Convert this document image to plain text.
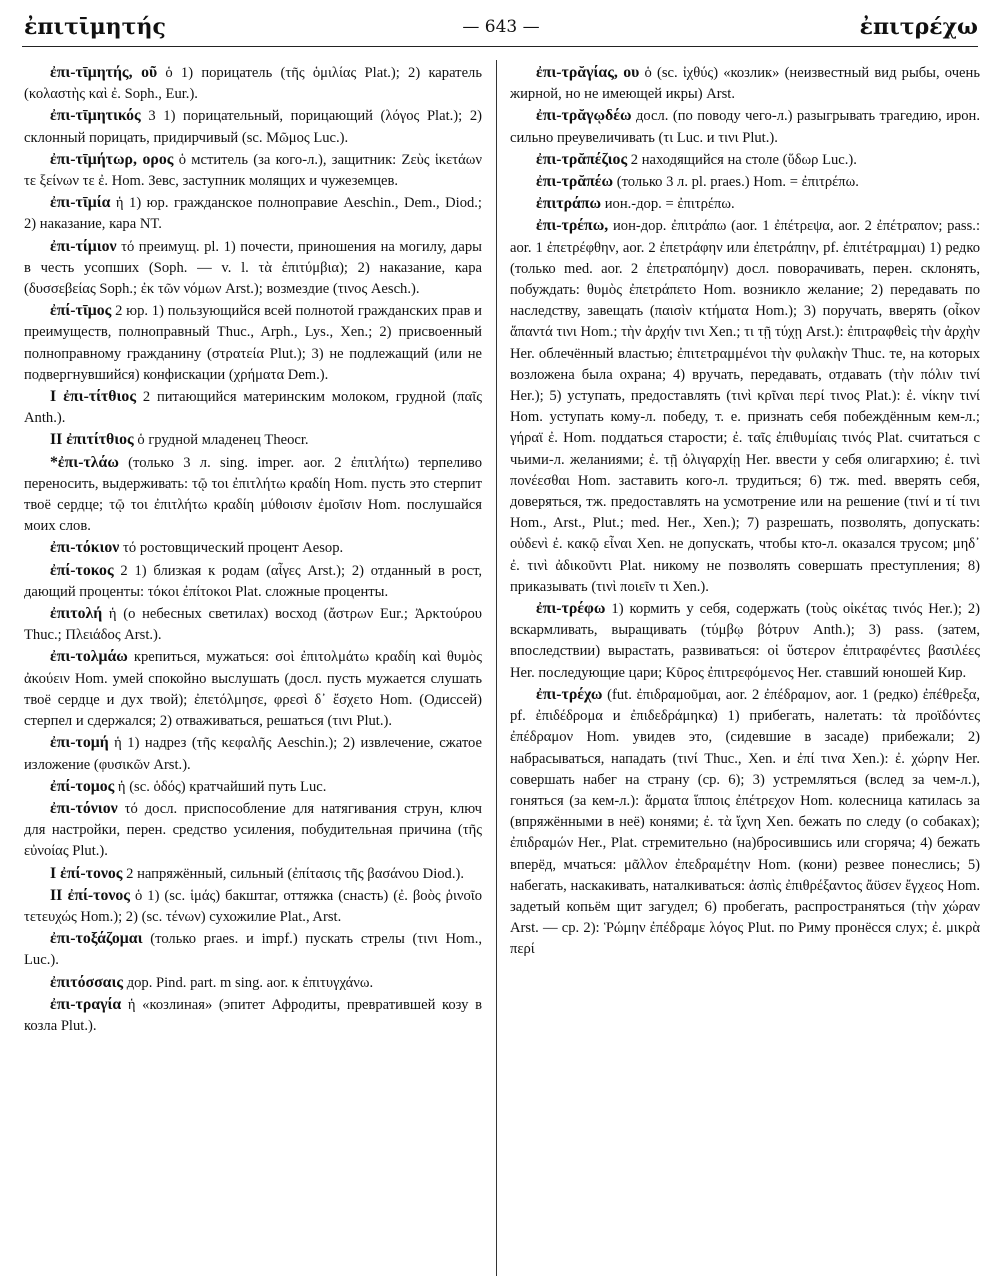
ἐπιτῑμητής	— 643 —	ἐπιτρέχω

ἐπι-τῑμητής, οῦ ὁ 1) порицатель (τῆς ὁμιλίας Plat.); 2) каратель (κολαστὴς καὶ ἐ. Soph., Eur.).

ἐπι-τῑμητικός 3 1) порицательный, порицающий (λόγος Plat.); 2) склонный порицать, придирчивый (sc. Μῶμος Luc.).

ἐπι-τῑμήτωρ, ορος ὁ мститель (за кого-л.), защитник: Ζεὺς ἱκετάων τε ξείνων τε ἐ. Hom. Зевс, заступник молящих и чужеземцев.

ἐπι-τῑμία ἡ 1) юр. гражданское полноправие Aeschin., Dem., Diod.; 2) наказание, кара NT.

ἐπι-τίμιον τό преимущ. pl. 1) почести, приношения на могилу, дары в честь усопших (Soph. — v. l. τὰ ἐπιτύμβια); 2) наказание, кара (δυσσεβείας Soph.; ἐκ τῶν νόμων Arst.); возмездие (τινος Aesch.).

ἐπί-τῑμος 2 юр. 1) пользующийся всей полнотой гражданских прав и преимуществ, полноправный Thuc., Arph., Lys., Xen.; 2) присвоенный полноправному гражданину (στρατεία Plut.); 3) не подлежащий (или не подвергнувшийся) конфискации (χρήματα Dem.).

I ἐπι-τίτθιος 2 питающийся материнским молоком, грудной (παῖς Anth.).

II ἐπιτίτθιος ὁ грудной младенец Theocr.

*ἐπι-τλάω (только 3 л. sing. imper. aor. 2 ἐπιτλήτω) терпеливо переносить, выдерживать: τῷ τοι ἐπιτλήτω κραδίη Hom. пусть это стерпит твоё сердце; τῷ τοι ἐπιτλήτω κραδίη μύθοισιν ἐμοῖσιν Hom. послушайся моих слов.

ἐπι-τόκιον τό ростовщический процент Aesop.

ἐπί-τοκος 2 1) близкая к родам (αἶγες Arst.); 2) отданный в рост, дающий проценты: τόκοι ἐπίτοκοι Plat. сложные проценты.

ἐπιτολή ἡ (о небесных светилах) восход (ἄστρων Eur.; Ἀρκτούρου Thuc.; Πλειάδος Arst.).

ἐπι-τολμάω крепиться, мужаться: σοὶ ἐπιτολμάτω κραδίη καὶ θυμὸς ἀκούειν Hom. умей спокойно выслушать (досл. пусть мужается слушать твоё сердце и дух твой); ἐπετόλμησε, φρεσὶ δ᾽ ἔσχετο Hom. (Одиссей) стерпел и сдержался; 2) отваживаться, решаться (τινι Plut.).

ἐπι-τομή ἡ 1) надрез (τῆς κεφαλῆς Aeschin.); 2) извлечение, сжатое изложение (φυσικῶν Arst.).

ἐπί-τομος ἡ (sc. ὁδός) кратчайший путь Luc.

ἐπι-τόνιον τό досл. приспособление для натягивания струн, ключ для настройки, перен. средство усиления, побудительная причина (τῆς εὐνοίας Plut.).

I ἐπί-τονος 2 напряжённый, сильный (ἐπίτασις τῆς βασάνου Diod.).

II ἐπί-τονος ὁ 1) (sc. ἱμάς) бакштаг, оттяжка (снасть) (ἐ. βοὸς ῥινοῖο τετευχώς Hom.); 2) (sc. τένων) сухожилие Plat., Arst.

ἐπι-τοξάζομαι (только praes. и impf.) пускать стрелы (τινι Hom., Luc.).

ἐπιτόσσαις дор. Pind. part. m sing. aor. к ἐπιτυγχάνω.

ἐπι-τραγία ἡ «козлиная» (эпитет Афродиты, превратившей козу в козла Plut.).

ἐπι-τρᾰγίας, ου ὁ (sc. ἰχθύς) «козлик» (неизвестный вид рыбы, очень жирной, но не имеющей икры) Arst.

ἐπι-τρᾰγῳδέω досл. (по поводу чего-л.) разыгрывать трагедию, ирон. сильно преувеличивать (τι Luc. и τινι Plut.).

ἐπι-τρᾰπέζιος 2 находящийся на столе (ὕδωρ Luc.).

ἐπι-τρᾰπέω (только 3 л. pl. praes.) Hom. = ἐπιτρέπω.

ἐπιτράπω ион.-дор. = ἐπιτρέπω.

ἐπι-τρέπω, ион-дор. ἐπιτράπω (aor. 1 ἐπέτρεψα, aor. 2 ἐπέτραπον; pass.: aor. 1 ἐπετρέφθην, aor. 2 ἐπετράφην или ἐπετράπην, pf. ἐπιτέτραμμαι) 1) редко (только med. aor. 2 ἐπετραπόμην) досл. поворачивать, перен. склонять, побуждать: θυμὸς ἐπετράπετο Hom. возникло желание; 2) передавать по наследству, завещать (παισὶν κτήματα Hom.); 3) поручать, вверять (οἶκον ἅπαντά τινι Hom.; τὴν ἀρχήν τινι Xen.; τι τῇ τύχῃ Arst.): ἐπιτραφθεὶς τὴν ἀρχὴν Her. облечённый властью; ἐπιτετραμμένοι τὴν φυλακὴν Thuc. те, на которых возложена была охрана; 4) вручать, передавать, отдавать (τὴν πόλιν τινί Her.); 5) уступать, предоставлять (τινὶ κρῖναι περί τινος Plat.): ἐ. νίκην τινί Hom. уступать кому-л. победу, т. е. признать себя побеждённым кем-л.; γήραϊ ἐ. Hom. поддаться старости; ἐ. ταῖς ἐπιθυμίαις τινός Plat. считаться с чьими-л. желаниями; ἐ. τῇ ὀλιγαρχίῃ Her. ввести у себя олигархию; ἐ. τινὶ πονέεσθαι Hom. заставить кого-л. трудиться; 6) тж. med. вверять себя, доверяться, тж. предоставлять на усмотрение или на решение (τινί и τί τινι Hom., Arst., Plut.; med. Her., Xen.); 7) разрешать, позволять, допускать: οὐδενὶ ἐ. κακῷ εἶναι Xen. не допускать, чтобы кто-л. оказался трусом; μηδ᾽ ἐ. τινὶ ἀδικοῦντι Plat. никому не позволять совершать преступления; 8) приказывать (τινὶ ποιεῖν τι Xen.).

ἐπι-τρέφω 1) кормить у себя, содержать (τοὺς οἰκέτας τινός Her.); 2) вскармливать, выращивать (τύμβῳ βότρυν Anth.); 3) pass. (затем, впоследствии) вырастать, развиваться: οἱ ὕστερον ἐπιτραφέντες βασιλέες Her. последующие цари; Κῦρος ἐπιτρεφόμενος Her. ставший юношей Кир.

ἐπι-τρέχω (fut. ἐπιδραμοῦμαι, aor. 2 ἐπέδραμον, aor. 1 (редко) ἐπέθρεξα, pf. ἐπιδέδρομα и ἐπιδεδράμηκα) 1) прибегать, налетать: τὰ προϊδόντες ἐπέδραμον Hom. увидев это, (сидевшие в засаде) прибежали; 2) набрасываться, нападать (τινί Thuc., Xen. и ἐπί τινα Xen.): ἐ. χώρην Her. совершать набег на страну (ср. 6); 3) устремляться (вслед за чем-л.), гоняться (за кем-л.): ἅρματα ἵπποις ἐπέτρεχον Hom. колесница катилась за (впряжёнными в неё) конями; ἐ. τὰ ἴχνη Xen. бежать по следу (о собаках); ἐπιδραμών Her., Plat. стремительно (на)бросившись или сгоряча; 4) бежать вперёд, мчаться: μᾶλλον ἐπεδραμέτην Hom. (кони) резвее понеслись; 5) набегать, наскакивать, наталкиваться: ἀσπὶς ἐπιθρέξαντος ἄϋσεν ἔγχεος Hom. задетый копьём щит загудел; 6) пробегать, распространяться (τὴν χώραν Arst. — ср. 2): Ῥώμην ἐπέδραμε λόγος Plut. по Риму пронёсся слух; ἐ. μικρὰ περί
